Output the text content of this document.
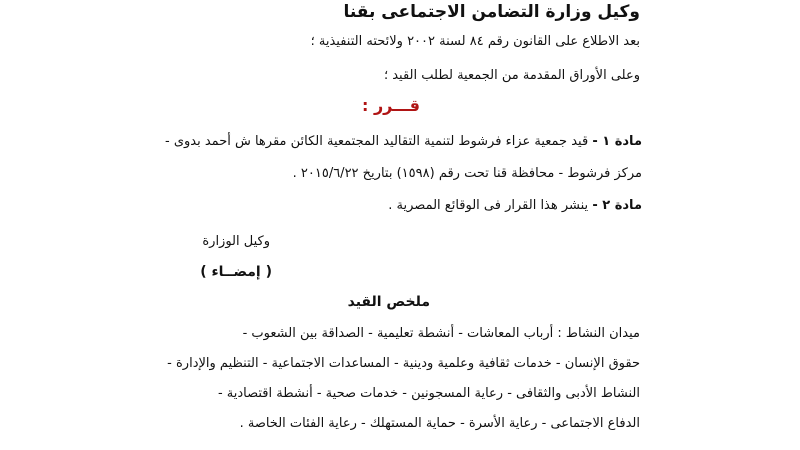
وكيل وزارة التضامن الاجتماعى بقنا
بعد الاطلاع على القانون رقم ٨٤ لسنة ٢٠٠٢ ولائحته التنفيذية ؛
وعلى الأوراق المقدمة من الجمعية لطلب القيد ؛
قـــرر :
مادة ١ - قيد جمعية عزاء فرشوط لتنمية التقاليد المجتمعية الكائن مقرها ش أحمد بدوى -
مركز فرشوط - محافظة قنا تحت رقم (١٥٩٨) بتاريخ ٢٠١٥/٦/٢٢ .
مادة ٢ - ينشر هذا القرار فى الوقائع المصرية .
وكيل الوزارة
( إمضــاء )
ملخص القيد
ميدان النشاط : أرباب المعاشات - أنشطة تعليمية - الصداقة بين الشعوب -
حقوق الإنسان - خدمات ثقافية وعلمية ودينية - المساعدات الاجتماعية - التنظيم والإدارة -
النشاط الأدبى والثقافى - رعاية المسجونين - خدمات صحية - أنشطة اقتصادية -
الدفاع الاجتماعى - رعاية الأسرة - حماية المستهلك - رعاية الفئات الخاصة .
